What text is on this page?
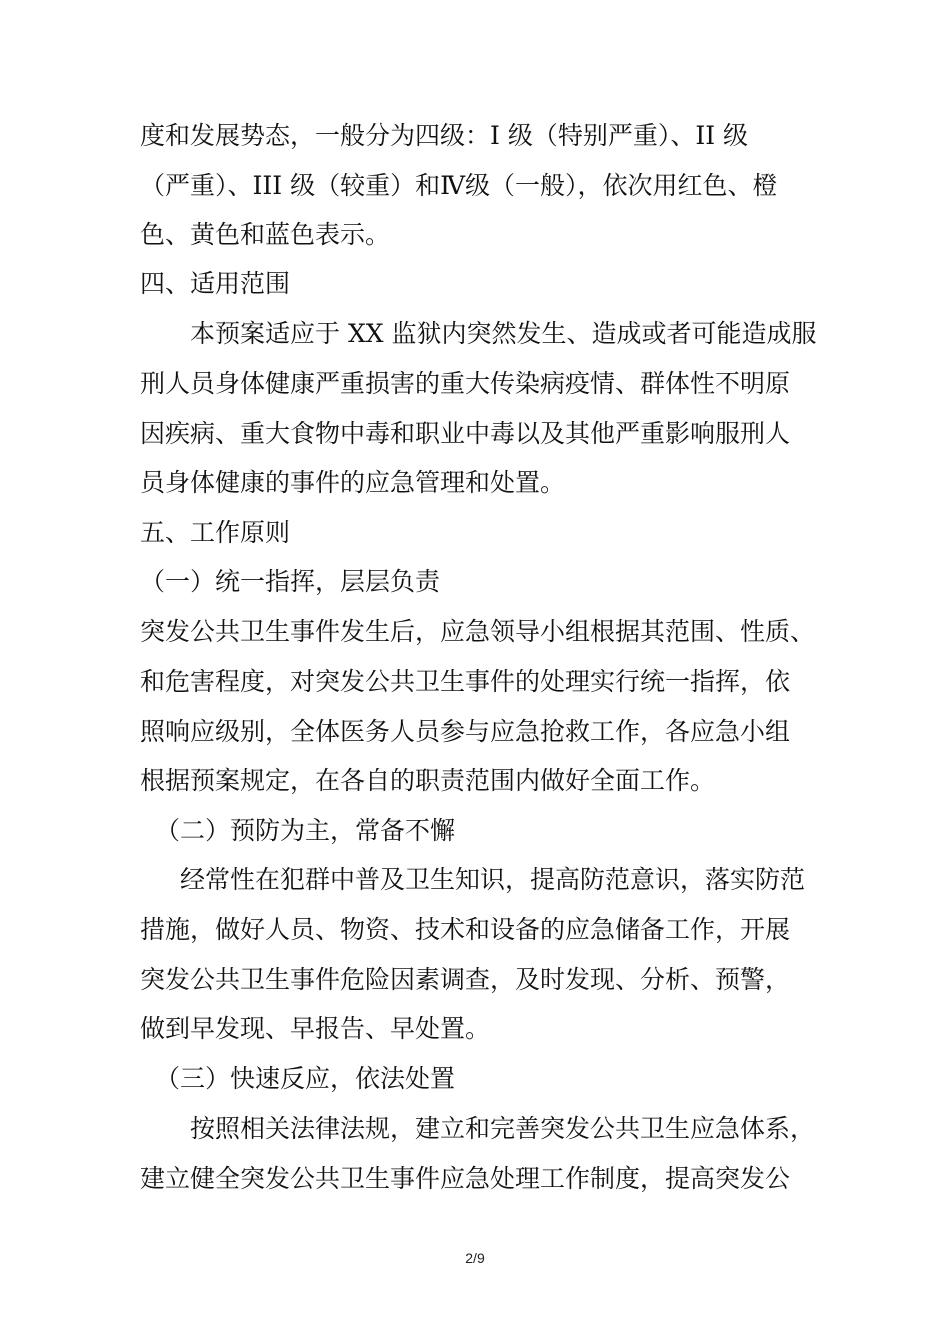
度和发展势态，一般分为四级：I 级（特别严重）、II 级
（严重）、III 级（较重）和Ⅳ级（一般），依次用红色、橙
色、黄色和蓝色表示。
四、适用范围
本预案适应于 XX 监狱内突然发生、造成或者可能造成服
刑人员身体健康严重损害的重大传染病疫情、群体性不明原
因疾病、重大食物中毒和职业中毒以及其他严重影响服刑人
员身体健康的事件的应急管理和处置。
五、工作原则
（一）统一指挥，层层负责
突发公共卫生事件发生后，应急领导小组根据其范围、性质、
和危害程度，对突发公共卫生事件的处理实行统一指挥，依
照响应级别，全体医务人员参与应急抢救工作，各应急小组
根据预案规定，在各自的职责范围内做好全面工作。
（二）预防为主，常备不懈
经常性在犯群中普及卫生知识，提高防范意识，落实防范
措施，做好人员、物资、技术和设备的应急储备工作，开展
突发公共卫生事件危险因素调查，及时发现、分析、预警，
做到早发现、早报告、早处置。
（三）快速反应，依法处置
按照相关法律法规，建立和完善突发公共卫生应急体系，
建立健全突发公共卫生事件应急处理工作制度，提高突发公
2/9
